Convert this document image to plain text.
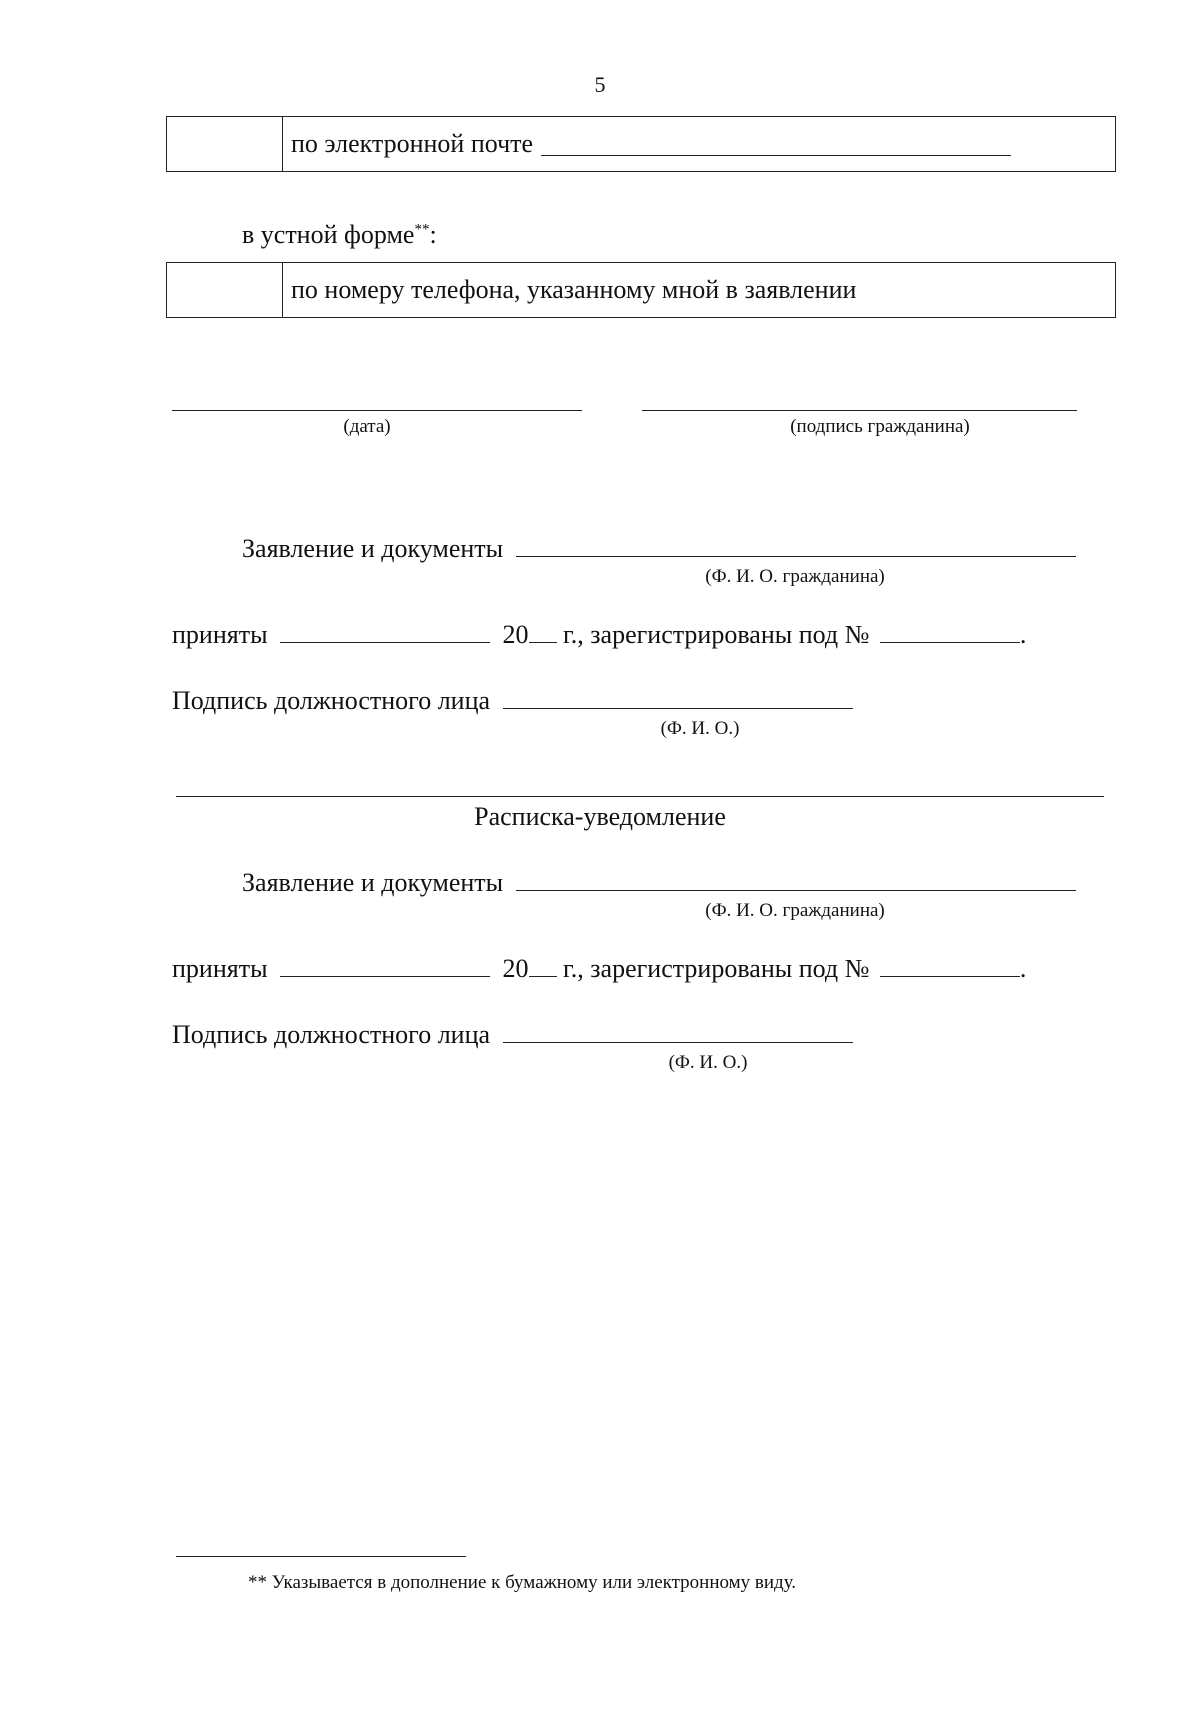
5
по электронной почте
в устной форме**:
по номеру телефона, указанному мной в заявлении
(дата)	(подпись гражданина)
Заявление и документы
(Ф. И. О. гражданина)
приняты	20 г., зарегистрированы под №	.
Подпись должностного лица
(Ф. И. О.)
Расписка-уведомление
Заявление и документы
(Ф. И. О. гражданина)
приняты	20 г., зарегистрированы под №	.
Подпись должностного лица
(Ф. И. О.)
** Указывается в дополнение к бумажному или электронному виду.
